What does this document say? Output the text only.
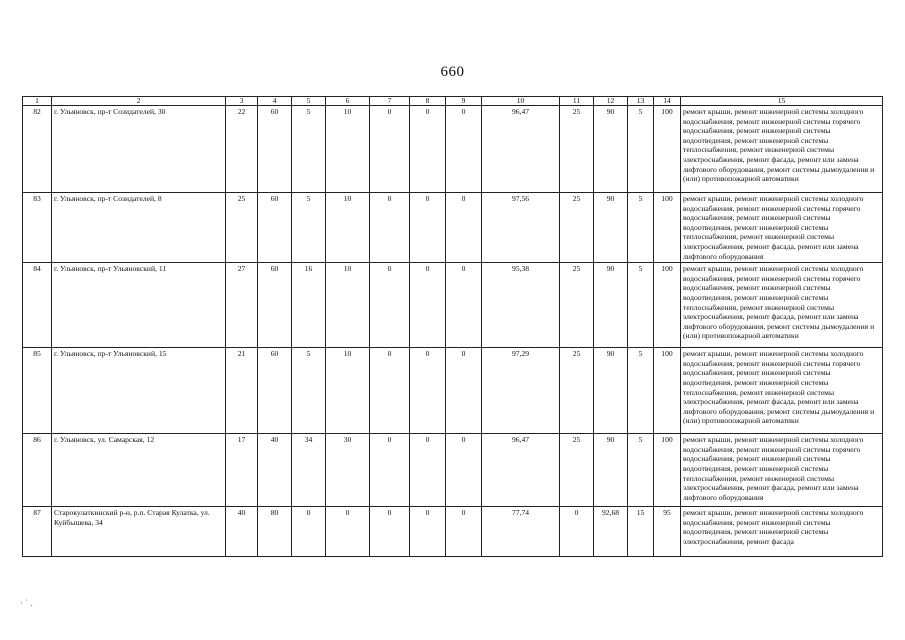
660
1	2	3	4	5	6	7	8	9	10	11	12	13	14	15
82	г. Ульяновск, пр-т Созидателей, 30	22	60	5	10	0	0	0	96,47	25	90	5	100	ремонт крыши, ремонт инженерной системы холодного водоснабжения, ремонт инженерной системы горячего водоснабжения, ремонт инженерной системы водоотведения, ремонт инженерной системы теплоснабжения, ремонт инженерной системы электроснабжения, ремонт фасада, ремонт или замена лифтового оборудования, ремонт системы дымоудаления и (или) противопожарной автоматики
83	г. Ульяновск, пр-т Созидателей, 8	25	60	5	10	0	0	0	97,56	25	90	5	100	ремонт крыши, ремонт инженерной системы холодного водоснабжения, ремонт инженерной системы горячего водоснабжения, ремонт инженерной системы водоотведения, ремонт инженерной системы теплоснабжения, ремонт инженерной системы электроснабжения, ремонт фасада, ремонт или замена лифтового оборудования
84	г. Ульяновск, пр-т Ульяновский, 11	27	60	16	10	0	0	0	95,38	25	90	5	100	ремонт крыши, ремонт инженерной системы холодного водоснабжения, ремонт инженерной системы горячего водоснабжения, ремонт инженерной системы водоотведения, ремонт инженерной системы теплоснабжения, ремонт инженерной системы электроснабжения, ремонт фасада, ремонт или замена лифтового оборудования, ремонт системы дымоудаления и (или) противопожарной автоматики
85	г. Ульяновск, пр-т Ульяновский, 15	21	60	5	10	0	0	0	97,29	25	90	5	100	ремонт крыши, ремонт инженерной системы холодного водоснабжения, ремонт инженерной системы горячего водоснабжения, ремонт инженерной системы водоотведения, ремонт инженерной системы теплоснабжения, ремонт инженерной системы электроснабжения, ремонт фасада, ремонт или замена лифтового оборудования, ремонт системы дымоудаления и (или) противопожарной автоматики
86	г. Ульяновск, ул. Самарская, 12	17	40	34	30	0	0	0	96,47	25	90	5	100	ремонт крыши, ремонт инженерной системы холодного водоснабжения, ремонт инженерной системы горячего водоснабжения, ремонт инженерной системы водоотведения, ремонт инженерной системы теплоснабжения, ремонт инженерной системы электроснабжения, ремонт фасада, ремонт или замена лифтового оборудования
87	Старокулаткинский р-н, р.п. Старая Кулатка, ул. Куйбышева, 34	40	80	0	0	0	0	0	77,74	0	92,68	15	95	ремонт крыши, ремонт инженерной системы холодного водоснабжения, ремонт инженерной системы водоотведения, ремонт инженерной системы электроснабжения, ремонт фасада
· ˙ .
